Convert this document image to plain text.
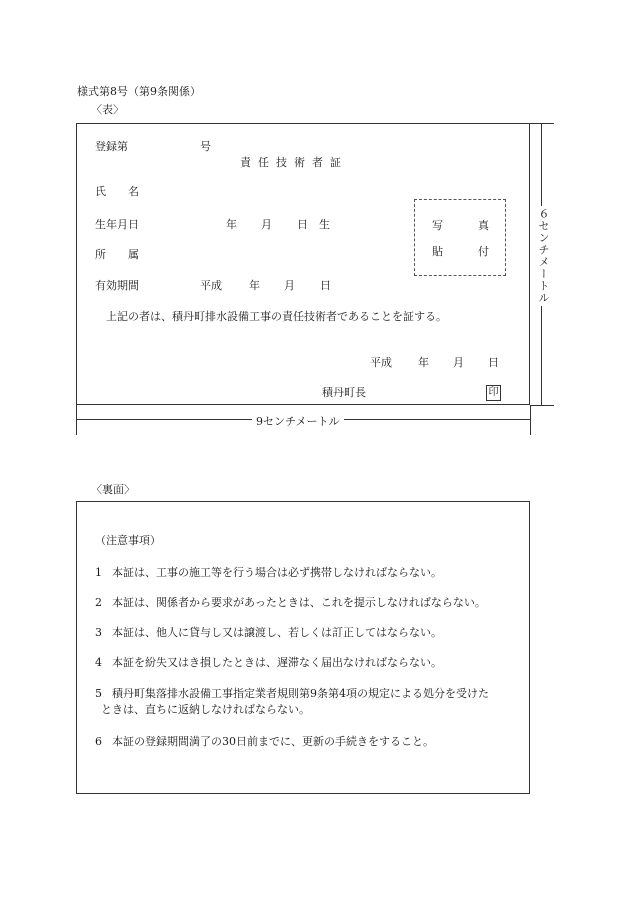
様式第8号（第9条関係）
〈表〉
登録第	号
責任技術者証
氏　　名
生年月日	年 月 日 生
所　　属
有効期間	平成 年 月 日
上記の者は、積丹町排水設備工事の責任技術者であることを証する。
平成 年 月 日
積丹町長	印
写	真
貼	付	６センチメートル
9センチメートル
〈裏面〉
（注意事項）
1 本証は、工事の施工等を行う場合は必ず携帯しなければならない。
2 本証は、関係者から要求があったときは、これを提示しなければならない。
3 本証は、他人に貸与し又は譲渡し、若しくは訂正してはならない。
4 本証を紛失又はき損したときは、遅滞なく届出なければならない。
5 積丹町集落排水設備工事指定業者規則第9条第4項の規定による処分を受けた
ときは、直ちに返納しなければならない。
6 本証の登録期間満了の30日前までに、更新の手続きをすること。
